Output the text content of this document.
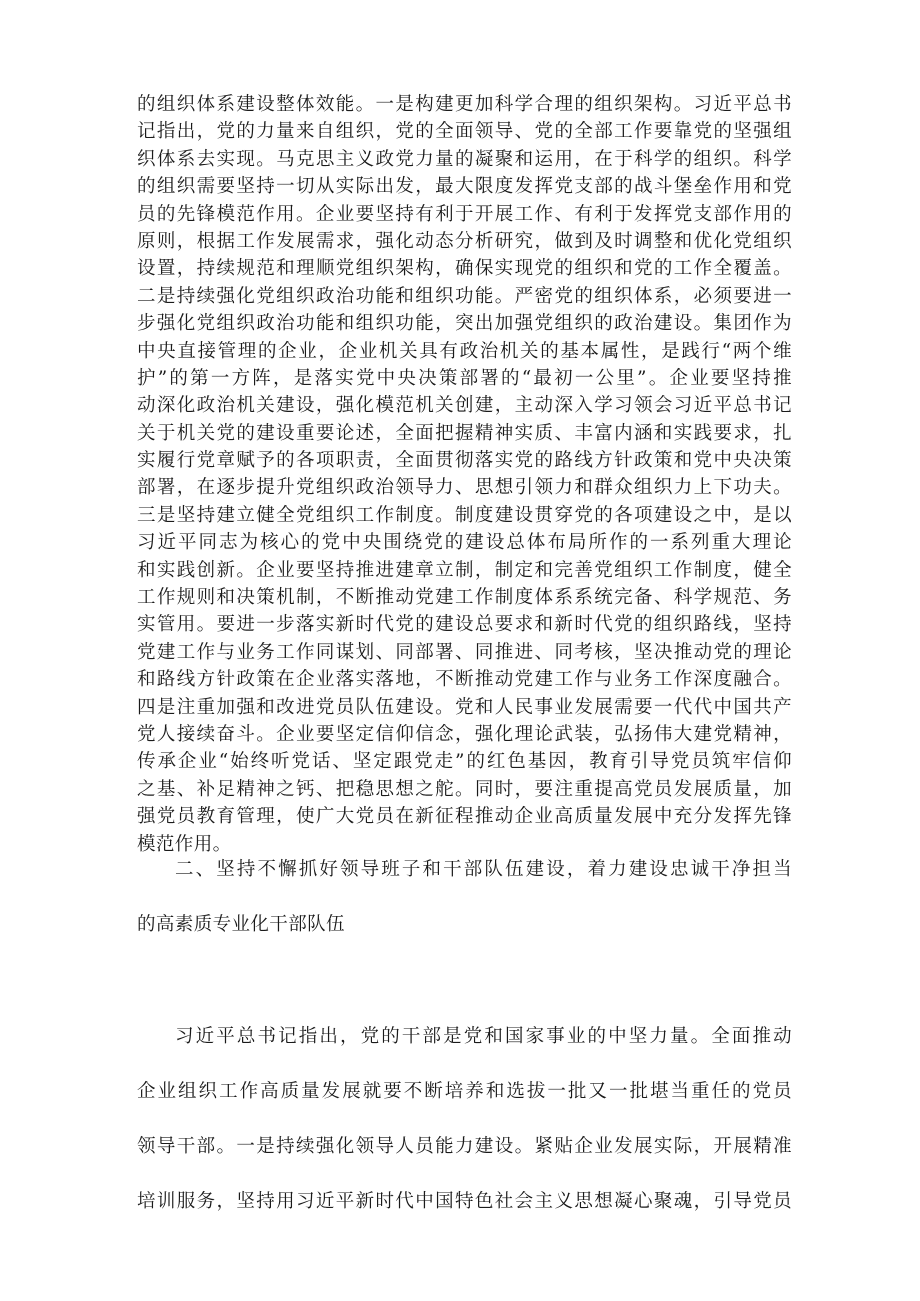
的组织体系建设整体效能。一是构建更加科学合理的组织架构。习近平总书
记指出，党的力量来自组织，党的全面领导、党的全部工作要靠党的坚强组
织体系去实现。马克思主义政党力量的凝聚和运用，在于科学的组织。科学
的组织需要坚持一切从实际出发，最大限度发挥党支部的战斗堡垒作用和党
员的先锋模范作用。企业要坚持有利于开展工作、有利于发挥党支部作用的
原则，根据工作发展需求，强化动态分析研究，做到及时调整和优化党组织
设置，持续规范和理顺党组织架构，确保实现党的组织和党的工作全覆盖。
二是持续强化党组织政治功能和组织功能。严密党的组织体系，必须要进一
步强化党组织政治功能和组织功能，突出加强党组织的政治建设。集团作为
中央直接管理的企业，企业机关具有政治机关的基本属性，是践行“两个维
护”的第一方阵，是落实党中央决策部署的“最初一公里”。企业要坚持推
动深化政治机关建设，强化模范机关创建，主动深入学习领会习近平总书记
关于机关党的建设重要论述，全面把握精神实质、丰富内涵和实践要求，扎
实履行党章赋予的各项职责，全面贯彻落实党的路线方针政策和党中央决策
部署，在逐步提升党组织政治领导力、思想引领力和群众组织力上下功夫。
三是坚持建立健全党组织工作制度。制度建设贯穿党的各项建设之中，是以
习近平同志为核心的党中央围绕党的建设总体布局所作的一系列重大理论
和实践创新。企业要坚持推进建章立制，制定和完善党组织工作制度，健全
工作规则和决策机制，不断推动党建工作制度体系系统完备、科学规范、务
实管用。要进一步落实新时代党的建设总要求和新时代党的组织路线，坚持
党建工作与业务工作同谋划、同部署、同推进、同考核，坚决推动党的理论
和路线方针政策在企业落实落地，不断推动党建工作与业务工作深度融合。
四是注重加强和改进党员队伍建设。党和人民事业发展需要一代代中国共产
党人接续奋斗。企业要坚定信仰信念，强化理论武装，弘扬伟大建党精神，
传承企业“始终听党话、坚定跟党走”的红色基因，教育引导党员筑牢信仰
之基、补足精神之钙、把稳思想之舵。同时，要注重提高党员发展质量，加
强党员教育管理，使广大党员在新征程推动企业高质量发展中充分发挥先锋
模范作用。
二、坚持不懈抓好领导班子和干部队伍建设，着力建设忠诚干净担当
的高素质专业化干部队伍
习近平总书记指出，党的干部是党和国家事业的中坚力量。全面推动
企业组织工作高质量发展就要不断培养和选拔一批又一批堪当重任的党员
领导干部。一是持续强化领导人员能力建设。紧贴企业发展实际，开展精准
培训服务，坚持用习近平新时代中国特色社会主义思想凝心聚魂，引导党员
